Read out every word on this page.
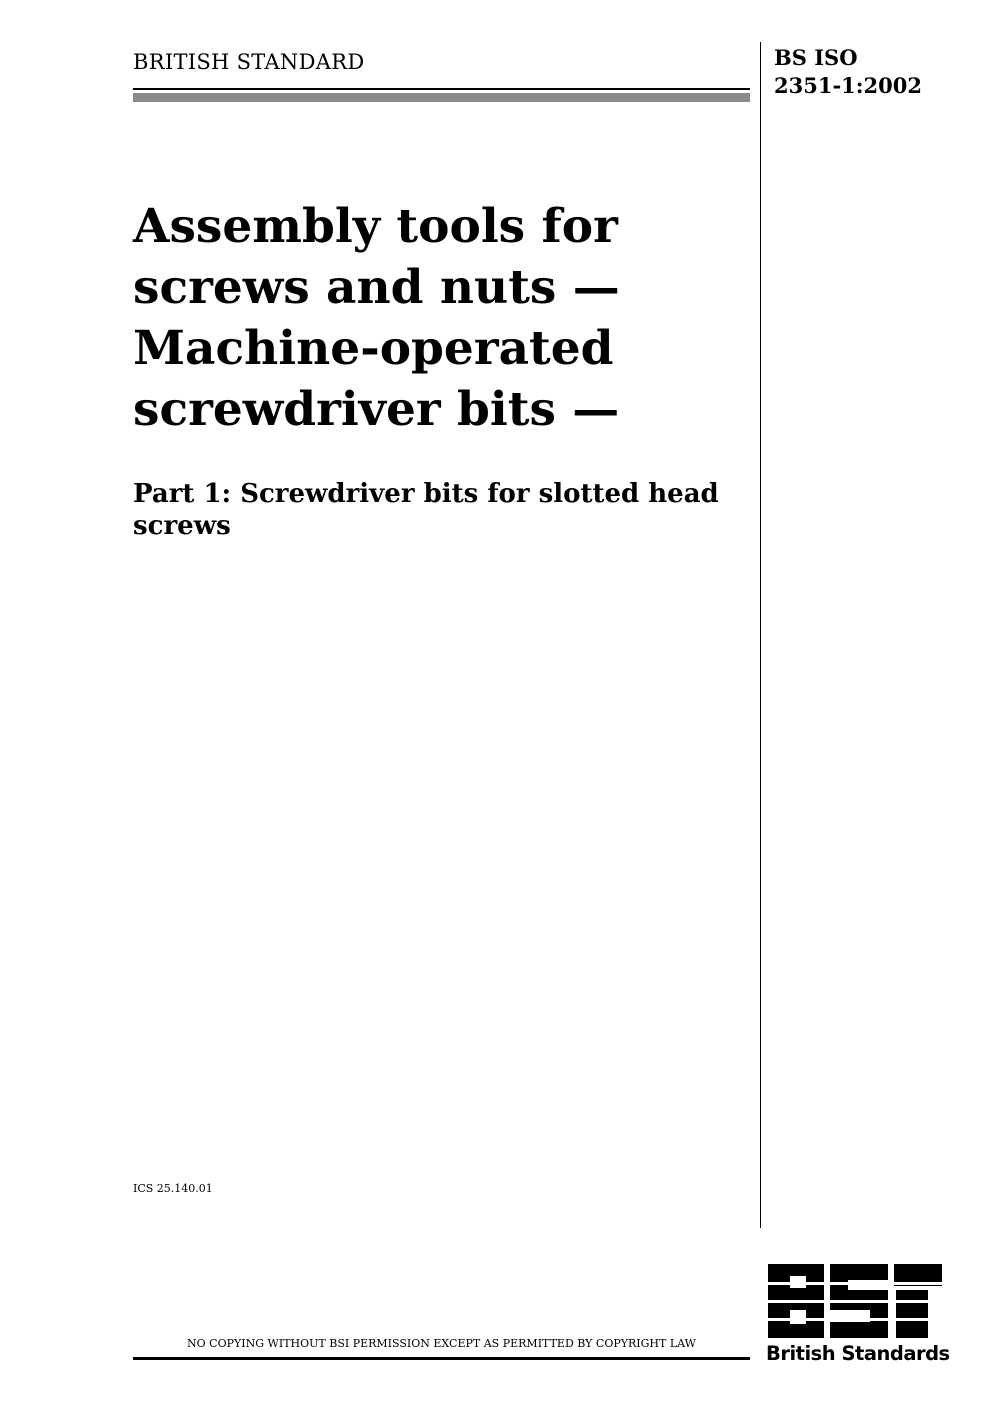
BRITISH STANDARD	BS ISO
2351-1:2002
Assembly tools for
screws and nuts —
Machine-operated
screwdriver bits —
Part 1: Screwdriver bits for slotted head
screws
ICS 25.140.01
NO COPYING WITHOUT BSI PERMISSION EXCEPT AS PERMITTED BY COPYRIGHT LAW	British Standards
